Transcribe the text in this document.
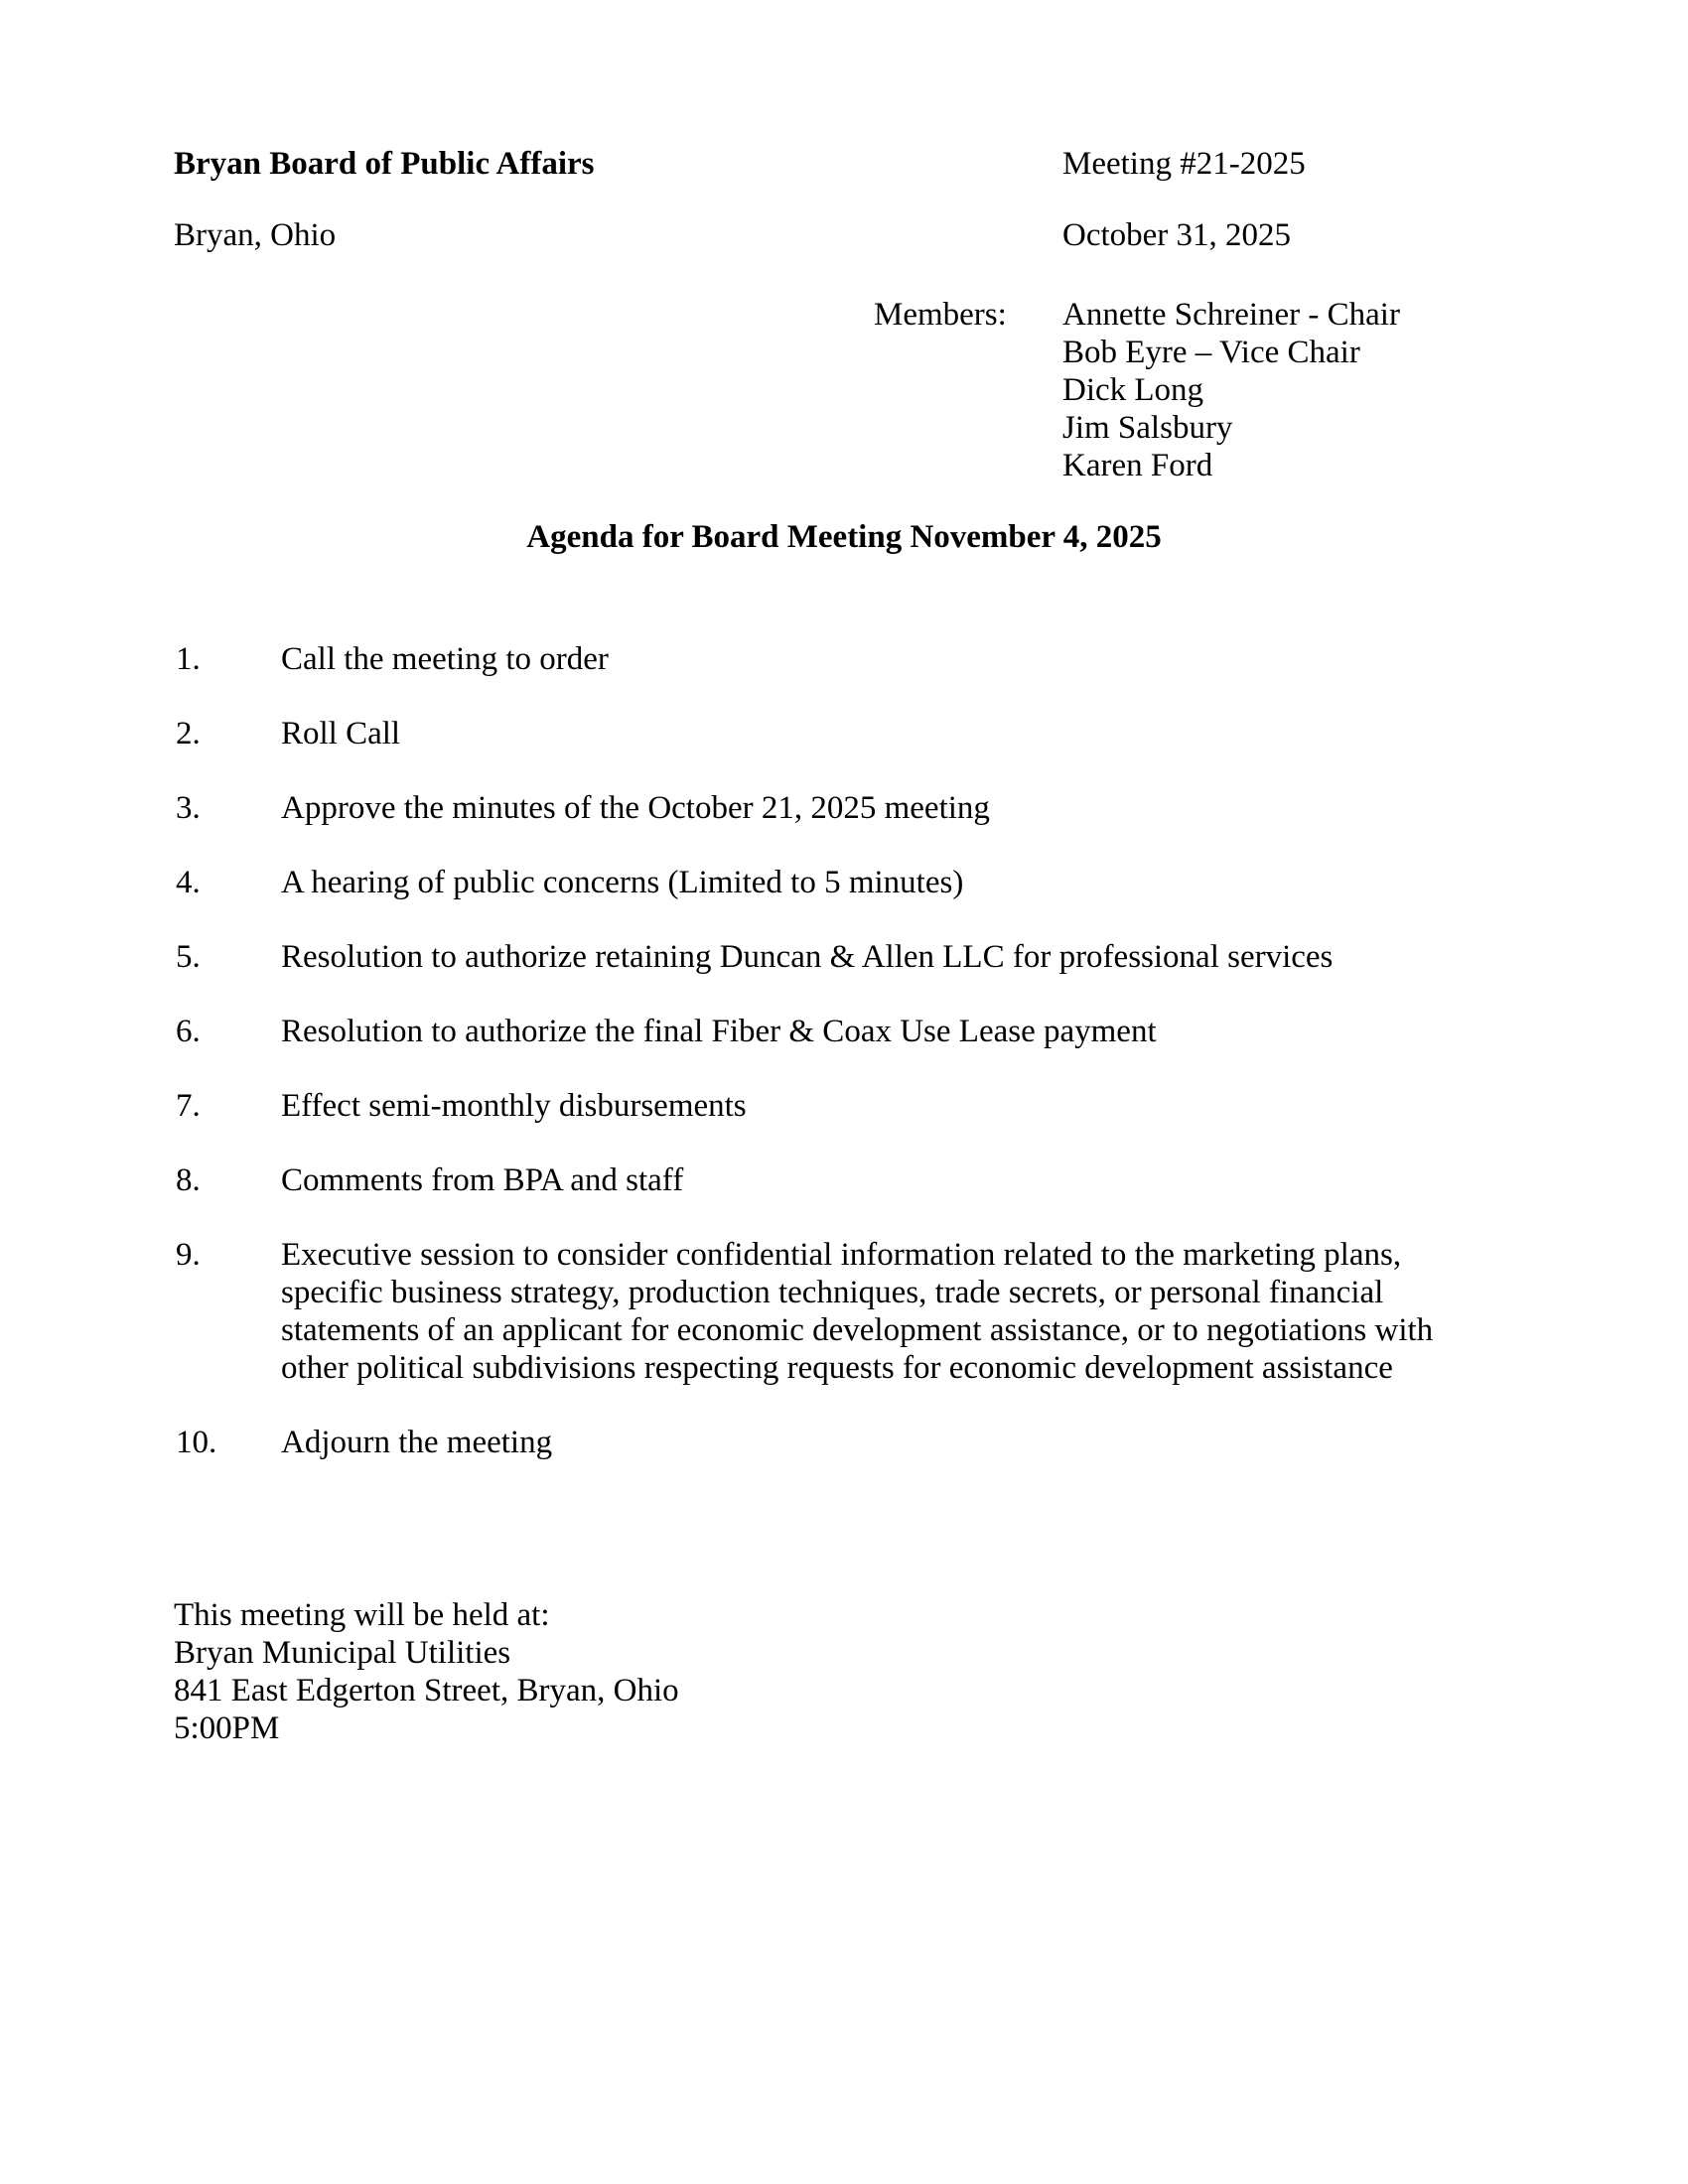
Bryan Board of Public Affairs	Meeting #21-2025
Bryan, Ohio	October 31, 2025
Members: Annette Schreiner - Chair
Bob Eyre – Vice Chair
Dick Long
Jim Salsbury
Karen Ford
Agenda for Board Meeting November 4, 2025
1.	Call the meeting to order
2.	Roll Call
3.	Approve the minutes of the October 21, 2025 meeting
4.	A hearing of public concerns (Limited to 5 minutes)
5.	Resolution to authorize retaining Duncan & Allen LLC for professional services
6.	Resolution to authorize the final Fiber & Coax Use Lease payment
7.	Effect semi-monthly disbursements
8.	Comments from BPA and staff
9.	Executive session to consider confidential information related to the marketing plans, specific business strategy, production techniques, trade secrets, or personal financial statements of an applicant for economic development assistance, or to negotiations with other political subdivisions respecting requests for economic development assistance
10.	Adjourn the meeting
This meeting will be held at:
Bryan Municipal Utilities
841 East Edgerton Street, Bryan, Ohio
5:00PM
